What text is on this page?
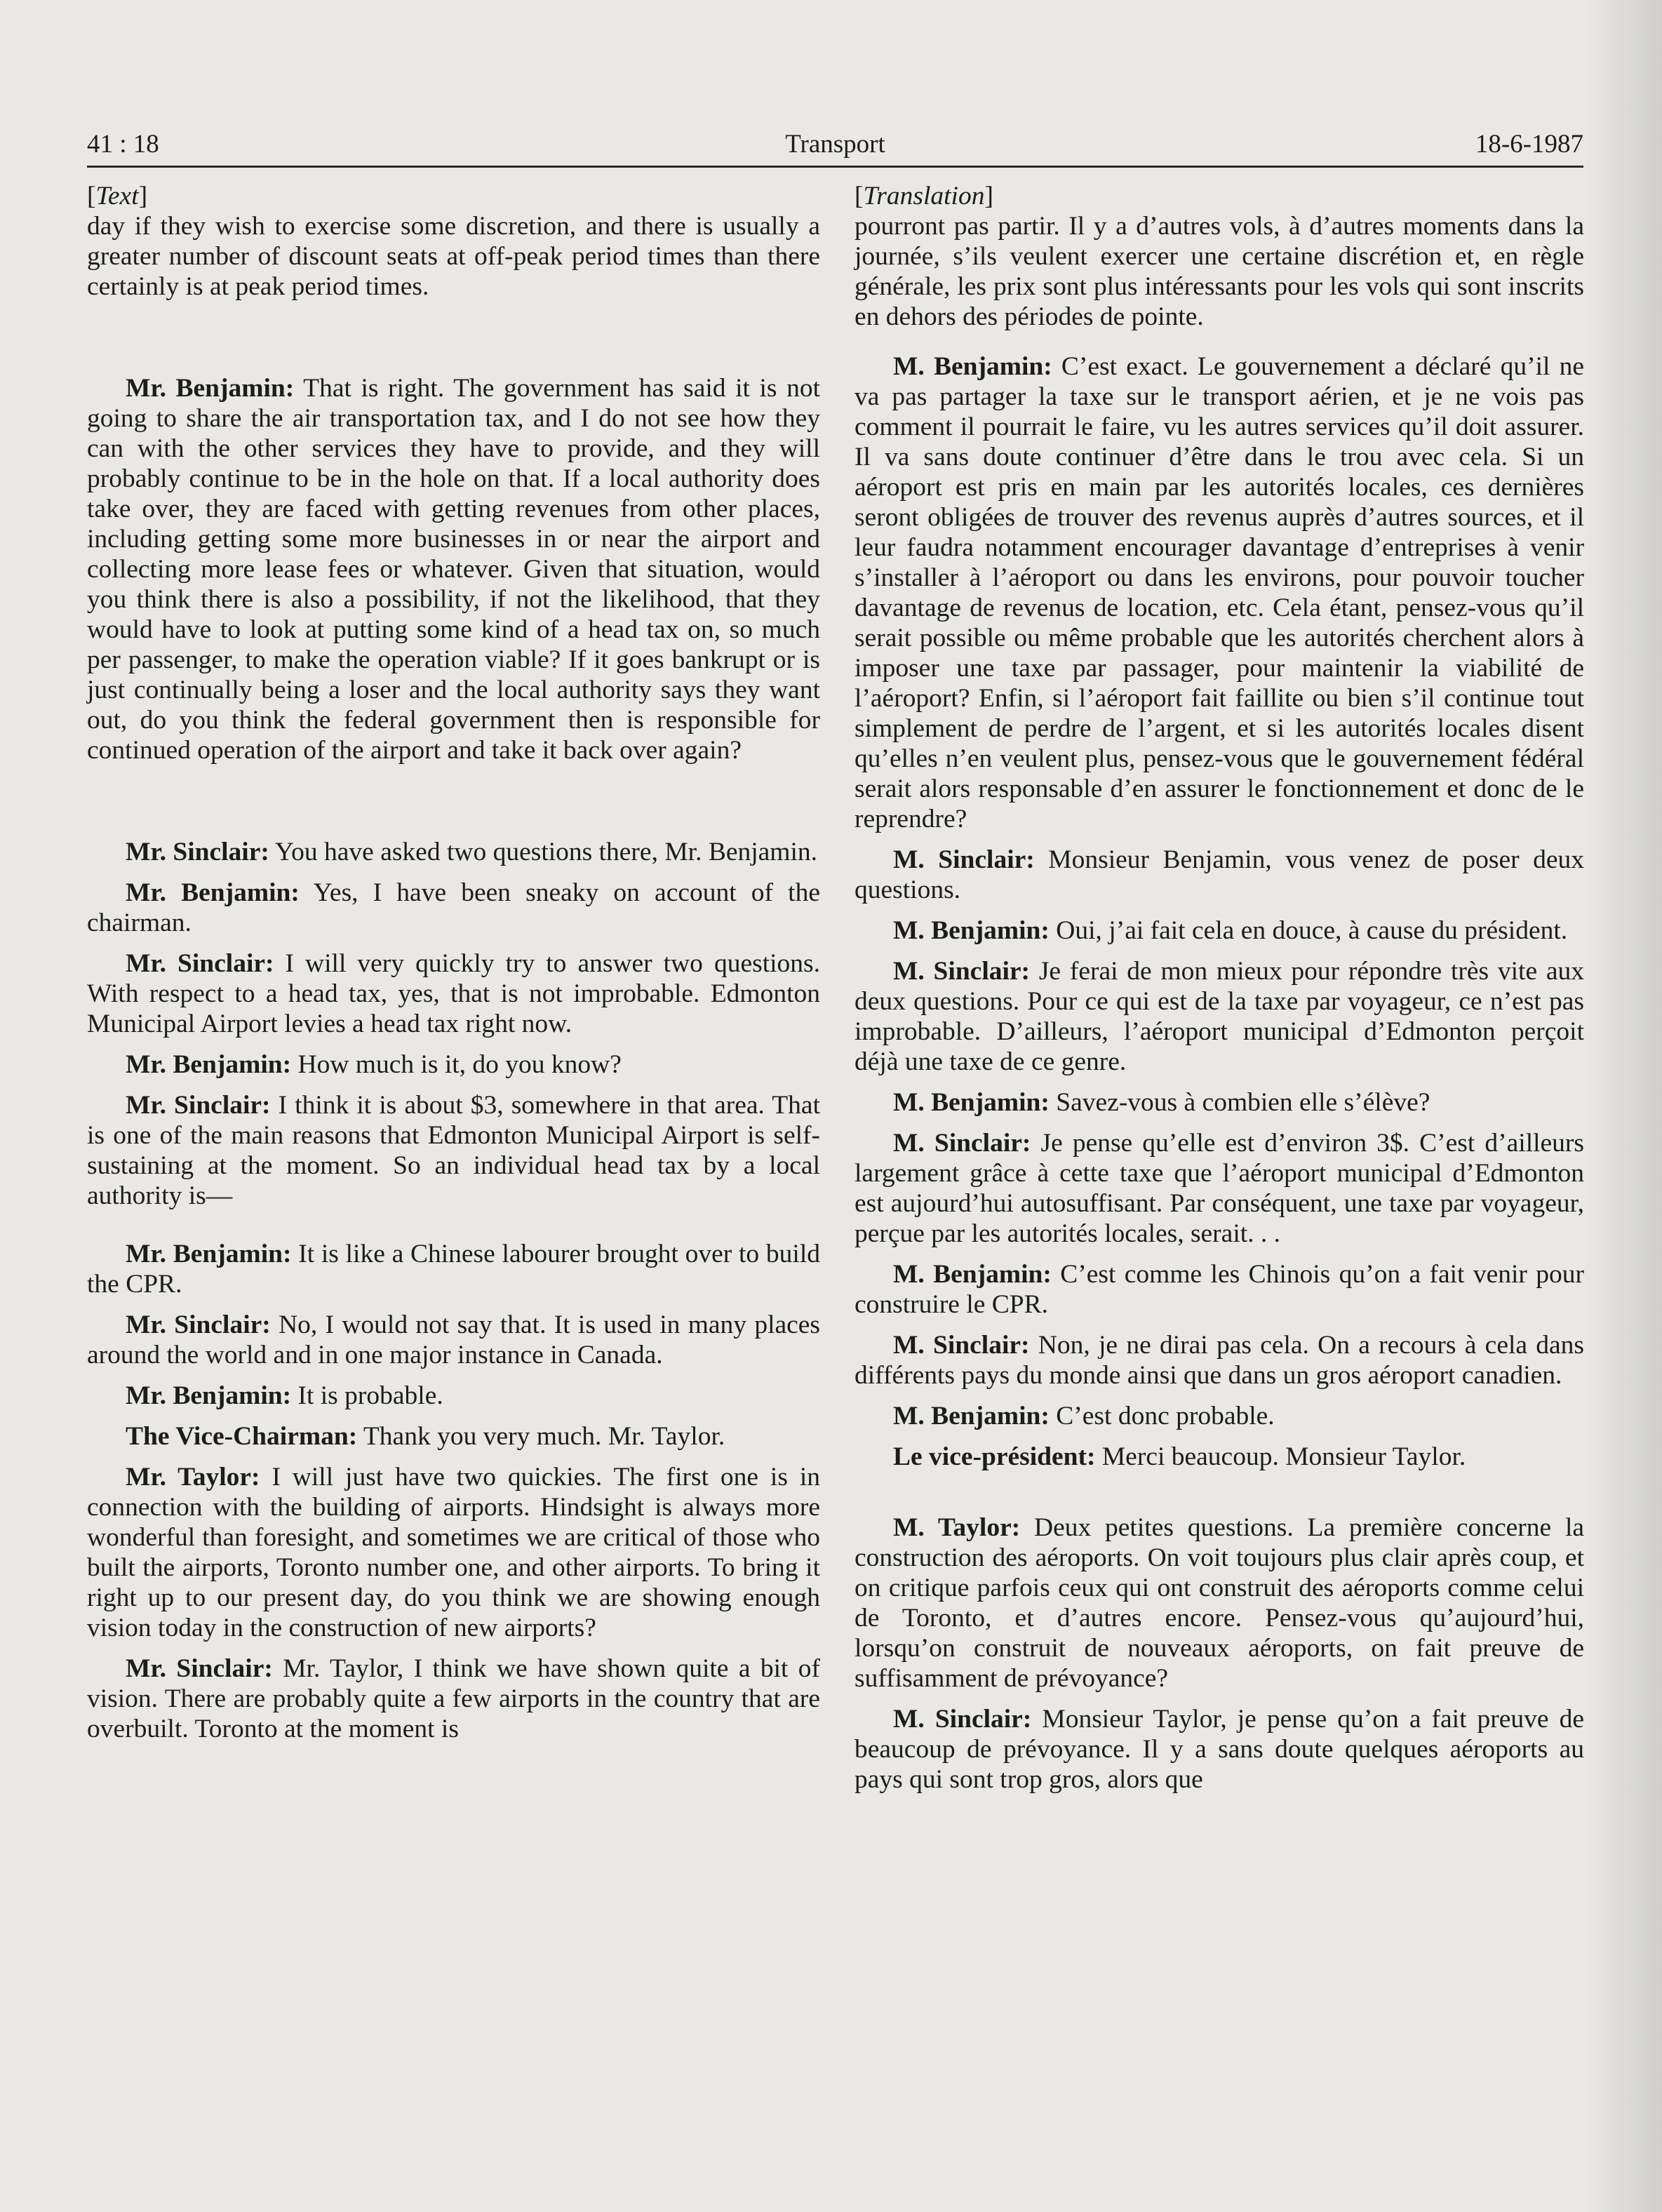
41 : 18	Transport	18-6-1987
[Text]

day if they wish to exercise some discretion, and there is usually a greater number of discount seats at off-peak period times than there certainly is at peak period times.

Mr. Benjamin: That is right. The government has said it is not going to share the air transportation tax, and I do not see how they can with the other services they have to provide, and they will probably continue to be in the hole on that. If a local authority does take over, they are faced with getting revenues from other places, including getting some more businesses in or near the airport and collecting more lease fees or whatever. Given that situation, would you think there is also a possibility, if not the likelihood, that they would have to look at putting some kind of a head tax on, so much per passenger, to make the operation viable? If it goes bankrupt or is just continually being a loser and the local authority says they want out, do you think the federal government then is responsible for continued operation of the airport and take it back over again?

Mr. Sinclair: You have asked two questions there, Mr. Benjamin.

Mr. Benjamin: Yes, I have been sneaky on account of the chairman.

Mr. Sinclair: I will very quickly try to answer two questions. With respect to a head tax, yes, that is not improbable. Edmonton Municipal Airport levies a head tax right now.

Mr. Benjamin: How much is it, do you know?

Mr. Sinclair: I think it is about $3, somewhere in that area. That is one of the main reasons that Edmonton Municipal Airport is self-sustaining at the moment. So an individual head tax by a local authority is—

Mr. Benjamin: It is like a Chinese labourer brought over to build the CPR.

Mr. Sinclair: No, I would not say that. It is used in many places around the world and in one major instance in Canada.

Mr. Benjamin: It is probable.

The Vice-Chairman: Thank you very much. Mr. Taylor.

Mr. Taylor: I will just have two quickies. The first one is in connection with the building of airports. Hindsight is always more wonderful than foresight, and sometimes we are critical of those who built the airports, Toronto number one, and other airports. To bring it right up to our present day, do you think we are showing enough vision today in the construction of new airports?

Mr. Sinclair: Mr. Taylor, I think we have shown quite a bit of vision. There are probably quite a few airports in the country that are overbuilt. Toronto at the moment is

[Translation]

pourront pas partir. Il y a d’autres vols, à d’autres moments dans la journée, s’ils veulent exercer une certaine discrétion et, en règle générale, les prix sont plus intéressants pour les vols qui sont inscrits en dehors des périodes de pointe.

M. Benjamin: C’est exact. Le gouvernement a déclaré qu’il ne va pas partager la taxe sur le transport aérien, et je ne vois pas comment il pourrait le faire, vu les autres services qu’il doit assurer. Il va sans doute continuer d’être dans le trou avec cela. Si un aéroport est pris en main par les autorités locales, ces dernières seront obligées de trouver des revenus auprès d’autres sources, et il leur faudra notamment encourager davantage d’entreprises à venir s’installer à l’aéroport ou dans les environs, pour pouvoir toucher davantage de revenus de location, etc. Cela étant, pensez-vous qu’il serait possible ou même probable que les autorités cherchent alors à imposer une taxe par passager, pour maintenir la viabilité de l’aéroport? Enfin, si l’aéroport fait faillite ou bien s’il continue tout simplement de perdre de l’argent, et si les autorités locales disent qu’elles n’en veulent plus, pensez-vous que le gouvernement fédéral serait alors responsable d’en assurer le fonctionnement et donc de le reprendre?

M. Sinclair: Monsieur Benjamin, vous venez de poser deux questions.

M. Benjamin: Oui, j’ai fait cela en douce, à cause du président.

M. Sinclair: Je ferai de mon mieux pour répondre très vite aux deux questions. Pour ce qui est de la taxe par voyageur, ce n’est pas improbable. D’ailleurs, l’aéroport municipal d’Edmonton perçoit déjà une taxe de ce genre.

M. Benjamin: Savez-vous à combien elle s’élève?

M. Sinclair: Je pense qu’elle est d’environ 3$. C’est d’ailleurs largement grâce à cette taxe que l’aéroport municipal d’Edmonton est aujourd’hui autosuffisant. Par conséquent, une taxe par voyageur, perçue par les autorités locales, serait. . .

M. Benjamin: C’est comme les Chinois qu’on a fait venir pour construire le CPR.

M. Sinclair: Non, je ne dirai pas cela. On a recours à cela dans différents pays du monde ainsi que dans un gros aéroport canadien.

M. Benjamin: C’est donc probable.

Le vice-président: Merci beaucoup. Monsieur Taylor.

M. Taylor: Deux petites questions. La première concerne la construction des aéroports. On voit toujours plus clair après coup, et on critique parfois ceux qui ont construit des aéroports comme celui de Toronto, et d’autres encore. Pensez-vous qu’aujourd’hui, lorsqu’on construit de nouveaux aéroports, on fait preuve de suffisamment de prévoyance?

M. Sinclair: Monsieur Taylor, je pense qu’on a fait preuve de beaucoup de prévoyance. Il y a sans doute quelques aéroports au pays qui sont trop gros, alors que
